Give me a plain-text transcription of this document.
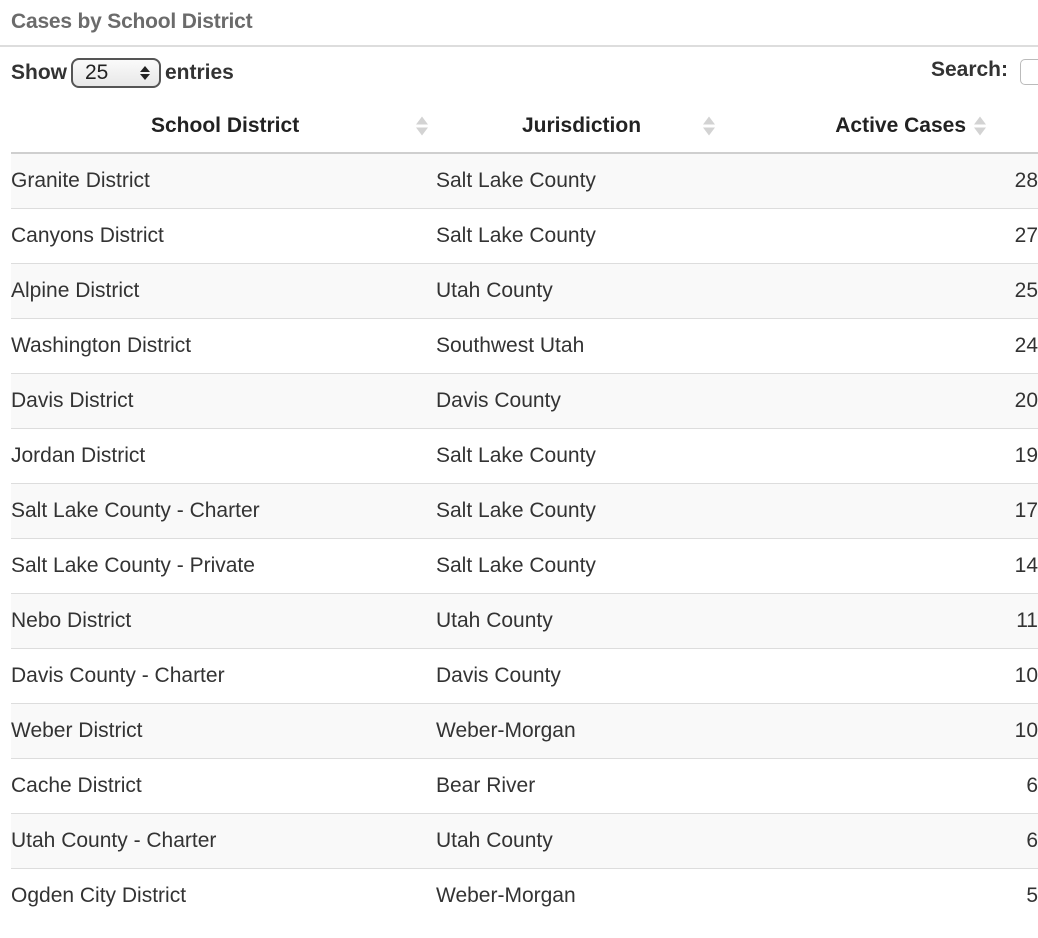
Cases by School District
Show 25	entries	Search:
School District	Jurisdiction	Active Cases

Granite District	Salt Lake County	28
Canyons District	Salt Lake County	27
Alpine District	Utah County	25
Washington District	Southwest Utah	24
Davis District	Davis County	20
Jordan District	Salt Lake County	19
Salt Lake County - Charter	Salt Lake County	17
Salt Lake County - Private	Salt Lake County	14
Nebo District	Utah County	11
Davis County - Charter	Davis County	10
Weber District	Weber-Morgan	10
Cache District	Bear River	6
Utah County - Charter	Utah County	6
Ogden City District	Weber-Morgan	5
